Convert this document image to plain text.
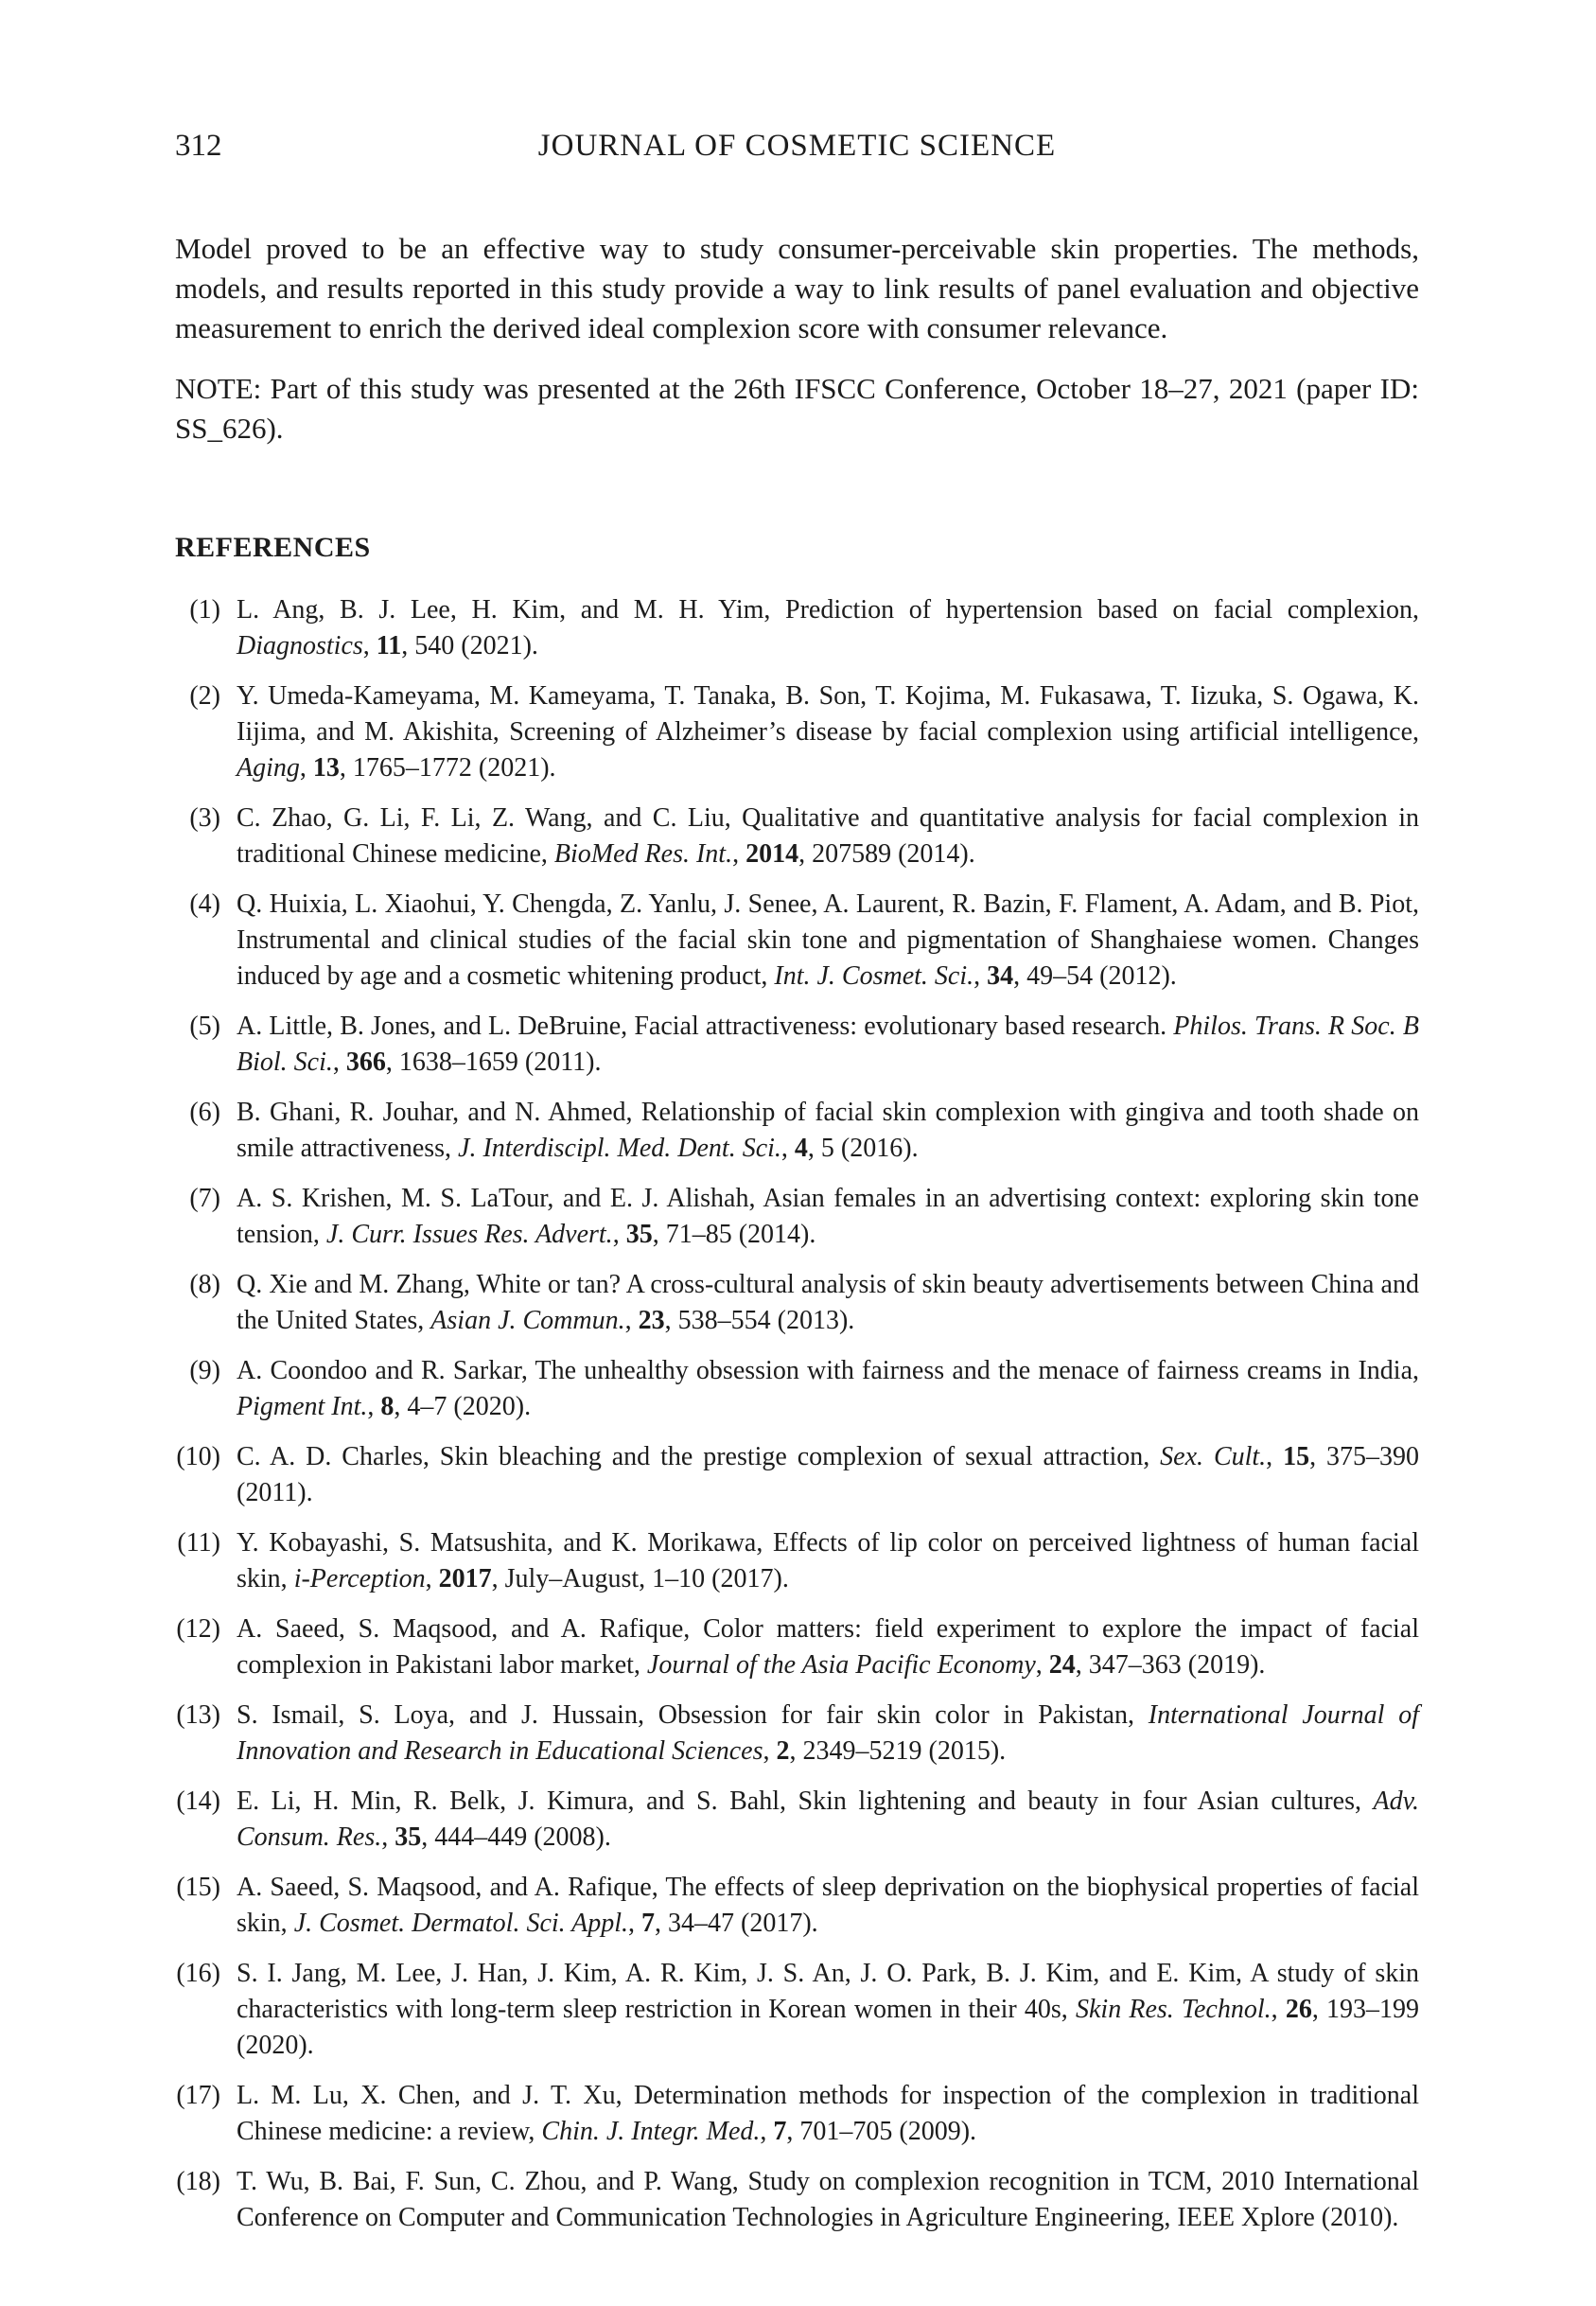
312	JOURNAL OF COSMETIC SCIENCE

Model proved to be an effective way to study consumer-perceivable skin properties. The methods, models, and results reported in this study provide a way to link results of panel evaluation and objective measurement to enrich the derived ideal complexion score with consumer relevance.

NOTE: Part of this study was presented at the 26th IFSCC Conference, October 18–27, 2021 (paper ID: SS_626).

REFERENCES
(1) L. Ang, B. J. Lee, H. Kim, and M. H. Yim, Prediction of hypertension based on facial complexion, Diagnostics, 11, 540 (2021).
(2) Y. Umeda-Kameyama, M. Kameyama, T. Tanaka, B. Son, T. Kojima, M. Fukasawa, T. Iizuka, S. Ogawa, K. Iijima, and M. Akishita, Screening of Alzheimer’s disease by facial complexion using artificial intelligence, Aging, 13, 1765–1772 (2021).
(3) C. Zhao, G. Li, F. Li, Z. Wang, and C. Liu, Qualitative and quantitative analysis for facial complexion in traditional Chinese medicine, BioMed Res. Int., 2014, 207589 (2014).
(4) Q. Huixia, L. Xiaohui, Y. Chengda, Z. Yanlu, J. Senee, A. Laurent, R. Bazin, F. Flament, A. Adam, and B. Piot, Instrumental and clinical studies of the facial skin tone and pigmentation of Shanghaiese women. Changes induced by age and a cosmetic whitening product, Int. J. Cosmet. Sci., 34, 49–54 (2012).
(5) A. Little, B. Jones, and L. DeBruine, Facial attractiveness: evolutionary based research. Philos. Trans. R Soc. B Biol. Sci., 366, 1638–1659 (2011).
(6) B. Ghani, R. Jouhar, and N. Ahmed, Relationship of facial skin complexion with gingiva and tooth shade on smile attractiveness, J. Interdiscipl. Med. Dent. Sci., 4, 5 (2016).
(7) A. S. Krishen, M. S. LaTour, and E. J. Alishah, Asian females in an advertising context: exploring skin tone tension, J. Curr. Issues Res. Advert., 35, 71–85 (2014).
(8) Q. Xie and M. Zhang, White or tan? A cross-cultural analysis of skin beauty advertisements between China and the United States, Asian J. Commun., 23, 538–554 (2013).
(9) A. Coondoo and R. Sarkar, The unhealthy obsession with fairness and the menace of fairness creams in India, Pigment Int., 8, 4–7 (2020).
(10) C. A. D. Charles, Skin bleaching and the prestige complexion of sexual attraction, Sex. Cult., 15, 375–390 (2011).
(11) Y. Kobayashi, S. Matsushita, and K. Morikawa, Effects of lip color on perceived lightness of human facial skin, i-Perception, 2017, July–August, 1–10 (2017).
(12) A. Saeed, S. Maqsood, and A. Rafique, Color matters: field experiment to explore the impact of facial complexion in Pakistani labor market, Journal of the Asia Pacific Economy, 24, 347–363 (2019).
(13) S. Ismail, S. Loya, and J. Hussain, Obsession for fair skin color in Pakistan, International Journal of Innovation and Research in Educational Sciences, 2, 2349–5219 (2015).
(14) E. Li, H. Min, R. Belk, J. Kimura, and S. Bahl, Skin lightening and beauty in four Asian cultures, Adv. Consum. Res., 35, 444–449 (2008).
(15) A. Saeed, S. Maqsood, and A. Rafique, The effects of sleep deprivation on the biophysical properties of facial skin, J. Cosmet. Dermatol. Sci. Appl., 7, 34–47 (2017).
(16) S. I. Jang, M. Lee, J. Han, J. Kim, A. R. Kim, J. S. An, J. O. Park, B. J. Kim, and E. Kim, A study of skin characteristics with long-term sleep restriction in Korean women in their 40s, Skin Res. Technol., 26, 193–199 (2020).
(17) L. M. Lu, X. Chen, and J. T. Xu, Determination methods for inspection of the complexion in traditional Chinese medicine: a review, Chin. J. Integr. Med., 7, 701–705 (2009).
(18) T. Wu, B. Bai, F. Sun, C. Zhou, and P. Wang, Study on complexion recognition in TCM, 2010 International Conference on Computer and Communication Technologies in Agriculture Engineering, IEEE Xplore (2010).
